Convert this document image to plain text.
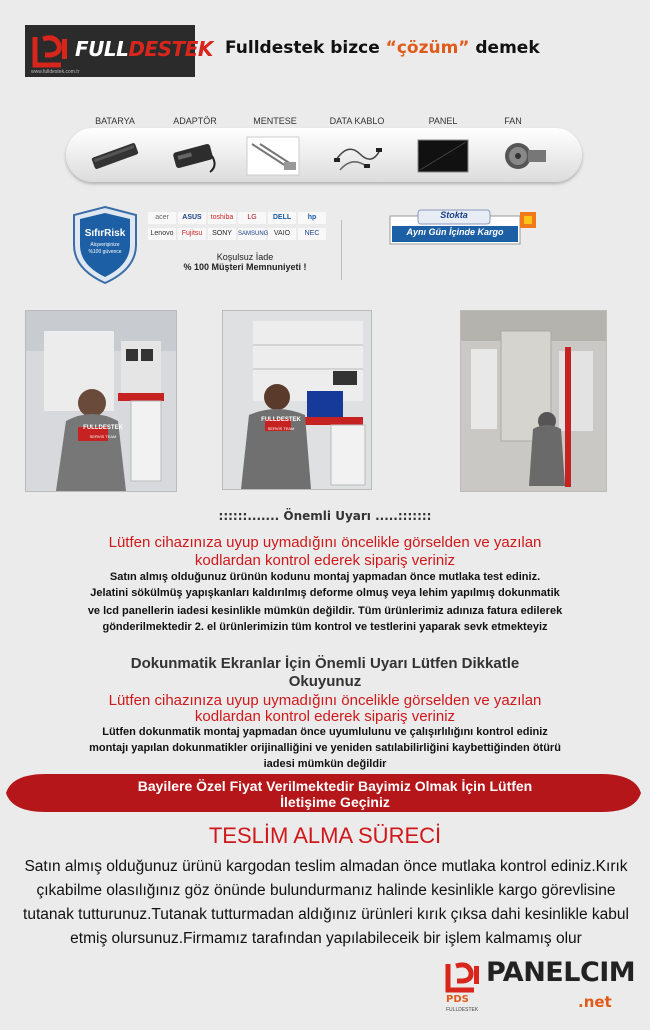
FULLDESTEK
www.fulldestek.com.tr
Fulldestek bizce “çözüm” demek
BATARYA	ADAPTÖR	MENTESE	DATA KABLO	PANEL	FAN
SıfırRisk
Alışverişinize
%100 güvence
acer	ASUS	toshiba	LG	DELL	hp
Lenovo	Fujitsu	SONY	SAMSUNG VAIO	NEC
Koşulsuz İade
% 100 Müşteri Memnuniyeti !
Stokta
Aynı Gün İçinde Kargo
FULLDESTEK
SERVİS TEAM
FULLDESTEK
SERVİS TEAM
::::::....... Önemli Uyarı .....:::::::
Lütfen cihazınıza uyup uymadığını öncelikle görselden ve yazılan
kodlardan kontrol ederek sipariş veriniz
Satın almış olduğunuz ürünün kodunu montaj yapmadan önce mutlaka test ediniz.
Jelatini sökülmüş yapışkanları kaldırılmış deforme olmuş veya lehim yapılmış dokunmatik
ve lcd panellerin iadesi kesinlikle mümkün değildir. Tüm ürünlerimiz adınıza fatura edilerek
gönderilmektedir 2. el ürünlerimizin tüm kontrol ve testlerini yaparak sevk etmekteyiz
Dokunmatik Ekranlar İçin Önemli Uyarı Lütfen Dikkatle
Okuyunuz
Lütfen cihazınıza uyup uymadığını öncelikle görselden ve yazılan
kodlardan kontrol ederek sipariş veriniz
Lütfen dokunmatik montaj yapmadan önce uyumlulunu ve çalışırlılığını kontrol ediniz
montajı yapılan dokunmatikler orijinalliğini ve yeniden satılabilirliğini kaybettiğinden ötürü
iadesi mümkün değildir
Bayilere Özel Fiyat Verilmektedir Bayimiz Olmak İçin Lütfen
İletişime Geçiniz
TESLİM ALMA SÜRECİ
Satın almış olduğunuz ürünü kargodan teslim almadan önce mutlaka kontrol ediniz.Kırık
çıkabilme olasılığınız göz önünde bulundurmanız halinde kesinlikle kargo görevlisine
tutanak tutturunuz.Tutanak tutturmadan aldığınız ürünleri kırık çıksa dahi kesinlikle kabul
etmiş olursunuz.Firmamız tarafından yapılabileceik bir işlem kalmamış olur
PDS
FULLDESTEK
PANELCIM
.net
